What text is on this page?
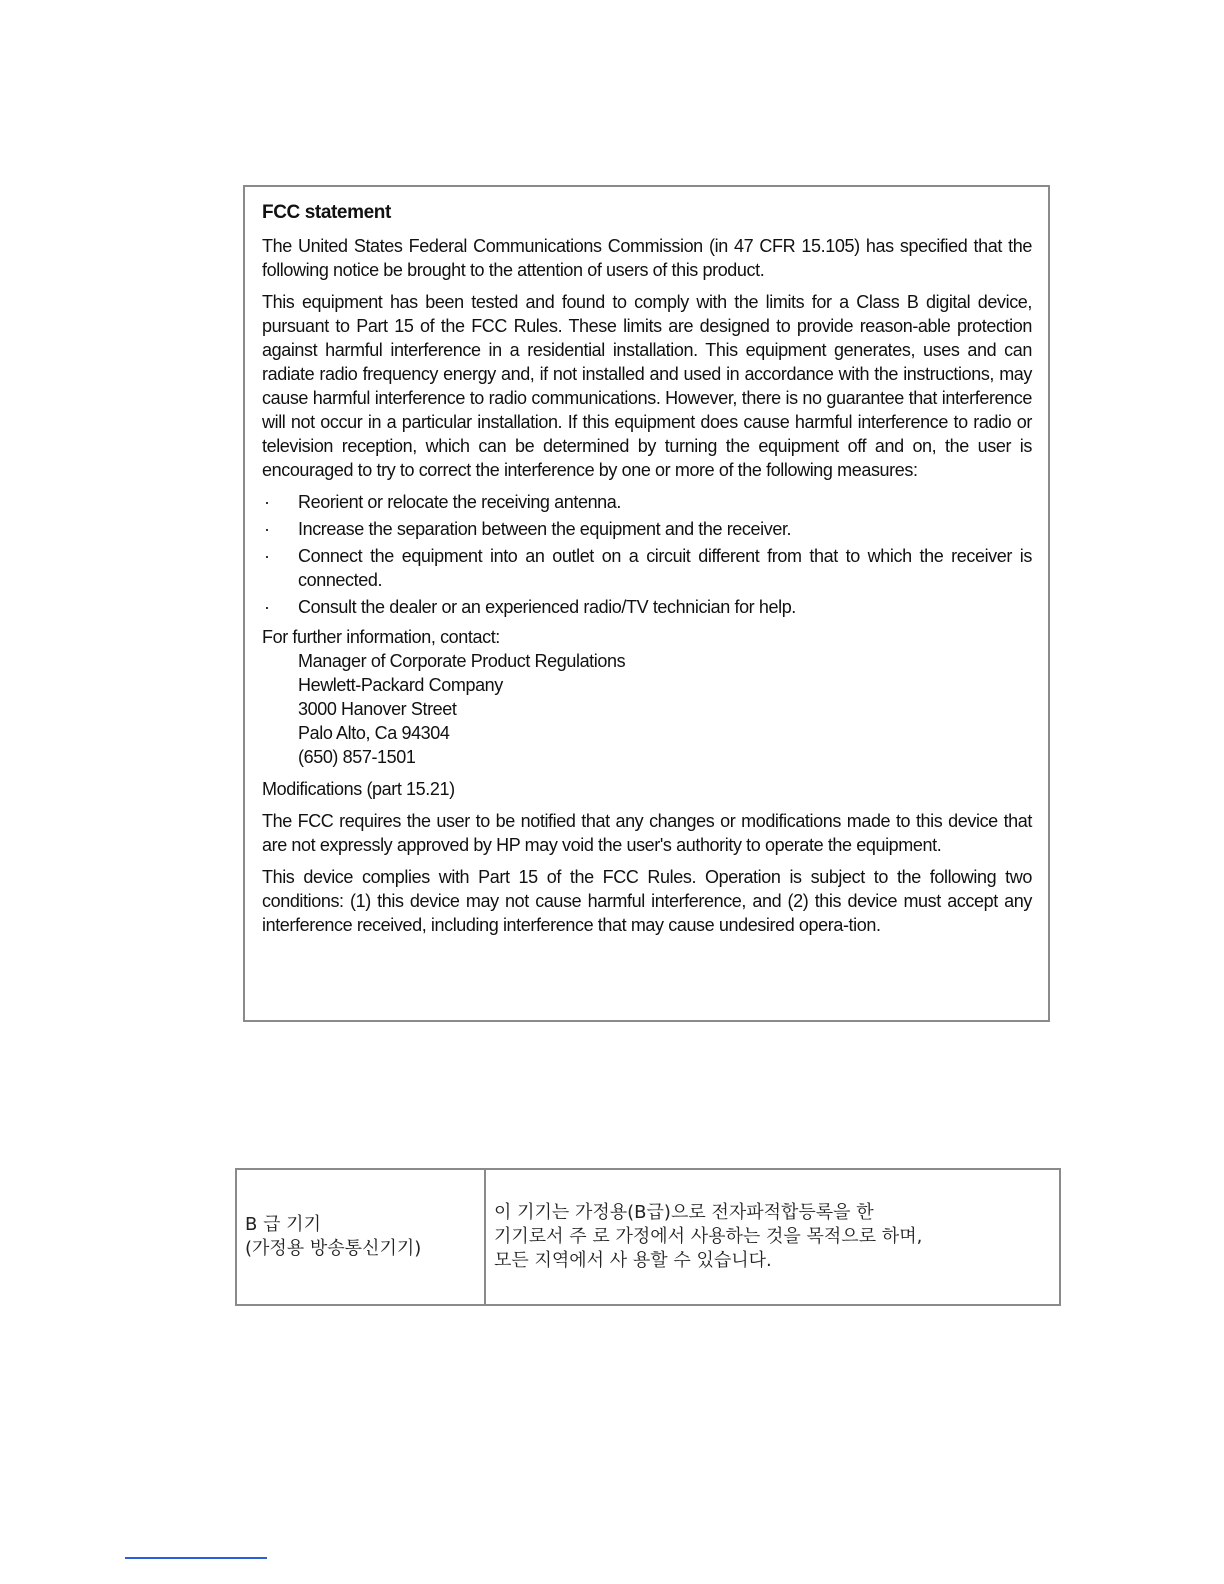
FCC statement

The United States Federal Communications Commission (in 47 CFR 15.105) has specified that the following notice be brought to the attention of users of this product.

This equipment has been tested and found to comply with the limits for a Class B digital device, pursuant to Part 15 of the FCC Rules. These limits are designed to provide reason-able protection against harmful interference in a residential installation. This equipment generates, uses and can radiate radio frequency energy and, if not installed and used in accordance with the instructions, may cause harmful interference to radio communications. However, there is no guarantee that interference will not occur in a particular installation. If this equipment does cause harmful interference to radio or television reception, which can be determined by turning the equipment off and on, the user is encouraged to try to correct the interference by one or more of the following measures:

· Reorient or relocate the receiving antenna.
· Increase the separation between the equipment and the receiver.
· Connect the equipment into an outlet on a circuit different from that to which the receiver is connected.
· Consult the dealer or an experienced radio/TV technician for help.

For further information, contact:

Manager of Corporate Product Regulations
Hewlett-Packard Company
3000 Hanover Street
Palo Alto, Ca 94304
(650) 857-1501

Modifications (part 15.21)

The FCC requires the user to be notified that any changes or modifications made to this device that are not expressly approved by HP may void the user's authority to operate the equipment.

This device complies with Part 15 of the FCC Rules. Operation is subject to the following two conditions: (1) this device may not cause harmful interference, and (2) this device must accept any interference received, including interference that may cause undesired opera-tion.

B 급 기기
(가정용 방송통신기기)

이 기기는 가정용(B급)으로 전자파적합등록을 한
기기로서 주 로 가정에서 사용하는 것을 목적으로 하며,
모든 지역에서 사 용할 수 있습니다.
